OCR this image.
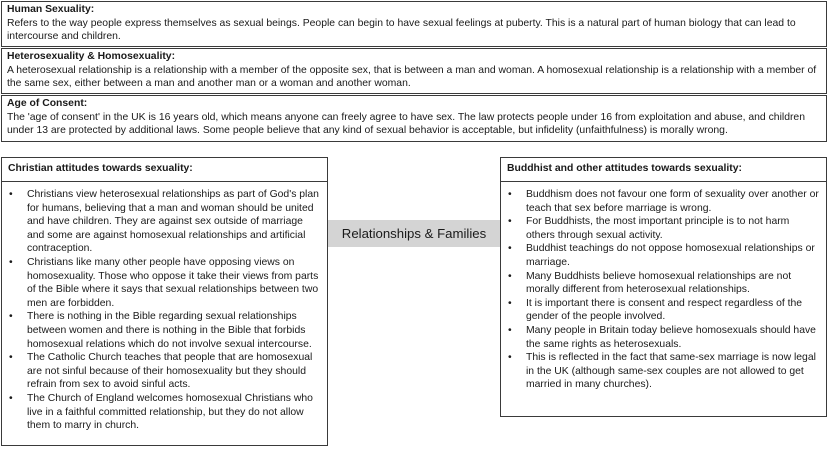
Human Sexuality:
Refers to the way people express themselves as sexual beings. People can begin to have sexual feelings at puberty. This is a natural part of human biology that can lead to intercourse and children.
Heterosexuality & Homosexuality:
A heterosexual relationship is a relationship with a member of the opposite sex, that is between a man and woman. A homosexual relationship is a relationship with a member of the same sex, either between a man and another man or a woman and another woman.
Age of Consent:
The 'age of consent' in the UK is 16 years old, which means anyone can freely agree to have sex. The law protects people under 16 from exploitation and abuse, and children under 13 are protected by additional laws. Some people believe that any kind of sexual behavior is acceptable, but infidelity (unfaithfulness) is morally wrong.
Relationships & Families
Christian attitudes towards sexuality:
• Christians view heterosexual relationships as part of God's plan for humans, believing that a man and woman should be united and have children. They are against sex outside of marriage and some are against homosexual relationships and artificial contraception.
• Christians like many other people have opposing views on homosexuality. Those who oppose it take their views from parts of the Bible where it says that sexual relationships between two men are forbidden.
• There is nothing in the Bible regarding sexual relationships between women and there is nothing in the Bible that forbids homosexual relations which do not involve sexual intercourse.
• The Catholic Church teaches that people that are homosexual are not sinful because of their homosexuality but they should refrain from sex to avoid sinful acts.
• The Church of England welcomes homosexual Christians who live in a faithful committed relationship, but they do not allow them to marry in church.
Buddhist and other attitudes towards sexuality:
• Buddhism does not favour one form of sexuality over another or teach that sex before marriage is wrong.
• For Buddhists, the most important principle is to not harm others through sexual activity.
• Buddhist teachings do not oppose homosexual relationships or marriage.
• Many Buddhists believe homosexual relationships are not morally different from heterosexual relationships.
• It is important there is consent and respect regardless of the gender of the people involved.
• Many people in Britain today believe homosexuals should have the same rights as heterosexuals.
• This is reflected in the fact that same-sex marriage is now legal in the UK (although same-sex couples are not allowed to get married in many churches).
